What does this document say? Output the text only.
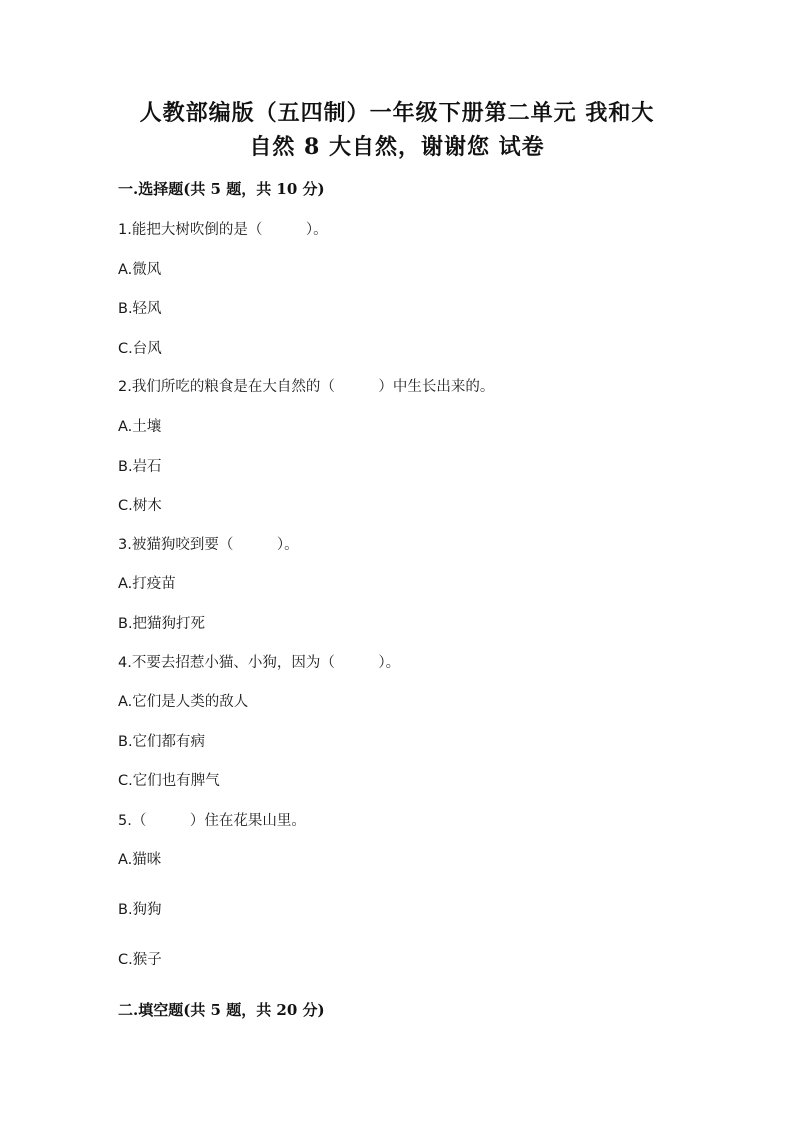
人教部编版（五四制）一年级下册第二单元 我和大
自然 8 大自然，谢谢您 试卷
一.选择题(共 5 题，共 10 分)
1.能把大树吹倒的是（　　　）。
A.微风
B.轻风
C.台风
2.我们所吃的粮食是在大自然的（　　　）中生长出来的。
A.土壤
B.岩石
C.树木
3.被猫狗咬到要（　　　）。
A.打疫苗
B.把猫狗打死
4.不要去招惹小猫、小狗，因为（　　　）。
A.它们是人类的敌人
B.它们都有病
C.它们也有脾气
5.（　　　）住在花果山里。
A.猫咪
B.狗狗
C.猴子
二.填空题(共 5 题，共 20 分)
